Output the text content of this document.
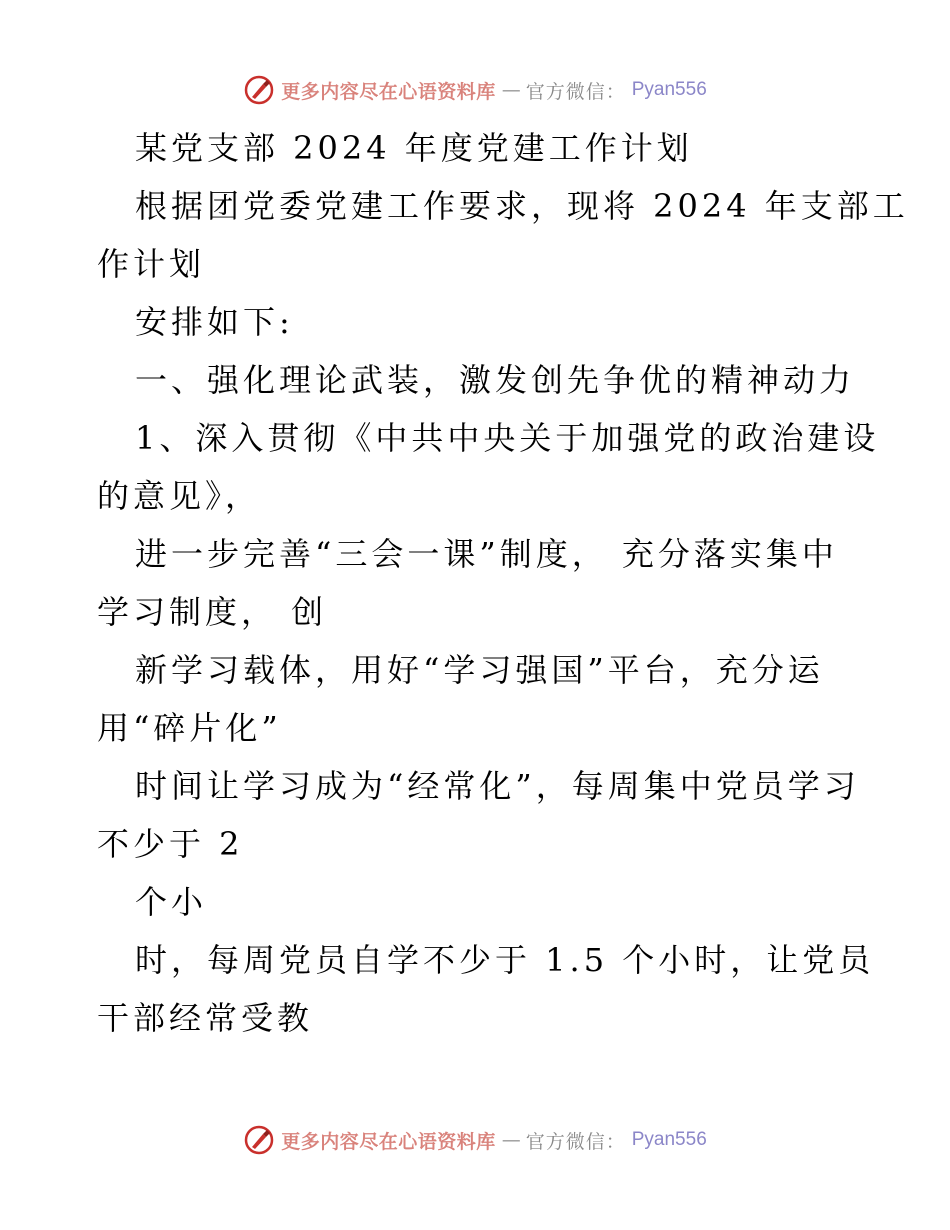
更多内容尽在心语资料库 — 官方微信： Pyan556
某党支部 2024 年度党建工作计划
根据团党委党建工作要求，现将 2024 年支部工
作计划
安排如下:
一、强化理论武装，激发创先争优的精神动力
1、深入贯彻《中共中央关于加强党的政治建设
的意见》，
进一步完善“三会一课”制度， 充分落实集中
学习制度， 创
新学习载体，用好“学习强国”平台，充分运
用“碎片化”
时间让学习成为“经常化”，每周集中党员学习
不少于 2
个小
时，每周党员自学不少于 1.5 个小时，让党员
干部经常受教
更多内容尽在心语资料库 — 官方微信： Pyan556
